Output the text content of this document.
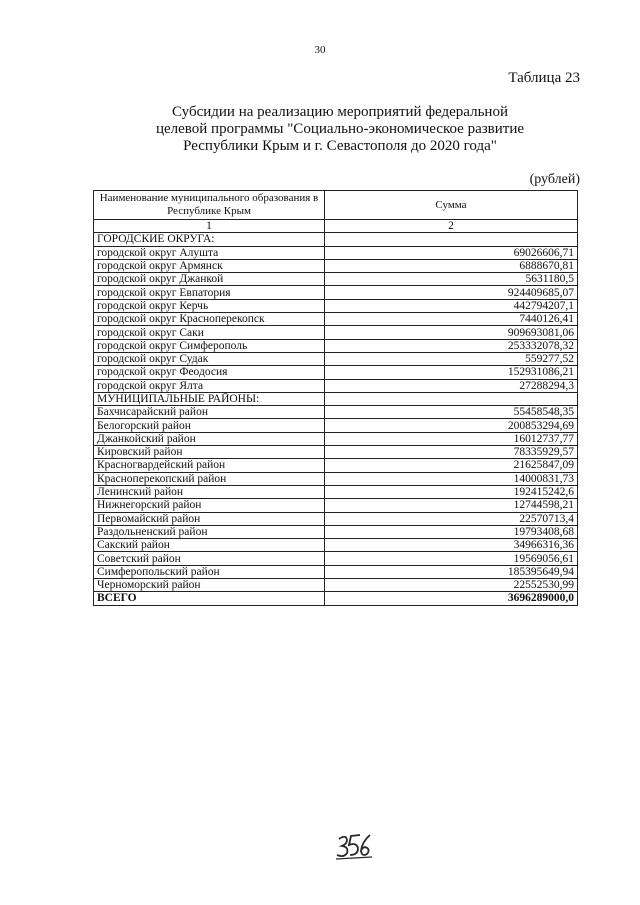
30
Таблица 23
Субсидии на реализацию мероприятий федеральной
целевой программы "Социально-экономическое развитие
Республики Крым и г. Севастополя до 2020 года"
(рублей)
Наименование муниципального образования в Республике Крым	Сумма
1	2
ГОРОДСКИЕ ОКРУГА:	
городской округ Алушта	69026606,71
городской округ Армянск	6888670,81
городской округ Джанкой	5631180,5
городской округ Евпатория	924409685,07
городской округ Керчь	442794207,1
городской округ Красноперекопск	7440126,41
городской округ Саки	909693081,06
городской округ Симферополь	253332078,32
городской округ Судак	559277,52
городской округ Феодосия	152931086,21
городской округ Ялта	27288294,3
МУНИЦИПАЛЬНЫЕ РАЙОНЫ:	
Бахчисарайский район	55458548,35
Белогорский район	200853294,69
Джанкойский район	16012737,77
Кировский район	78335929,57
Красногвардейский район	21625847,09
Красноперекопский район	14000831,73
Ленинский район	192415242,6
Нижнегорский район	12744598,21
Первомайский район	22570713,4
Раздольненский район	19793408,68
Сакский район	34966316,36
Советский район	19569056,61
Симферопольский район	185395649,94
Черноморский район	22552530,99
ВСЕГО	3696289000,0
